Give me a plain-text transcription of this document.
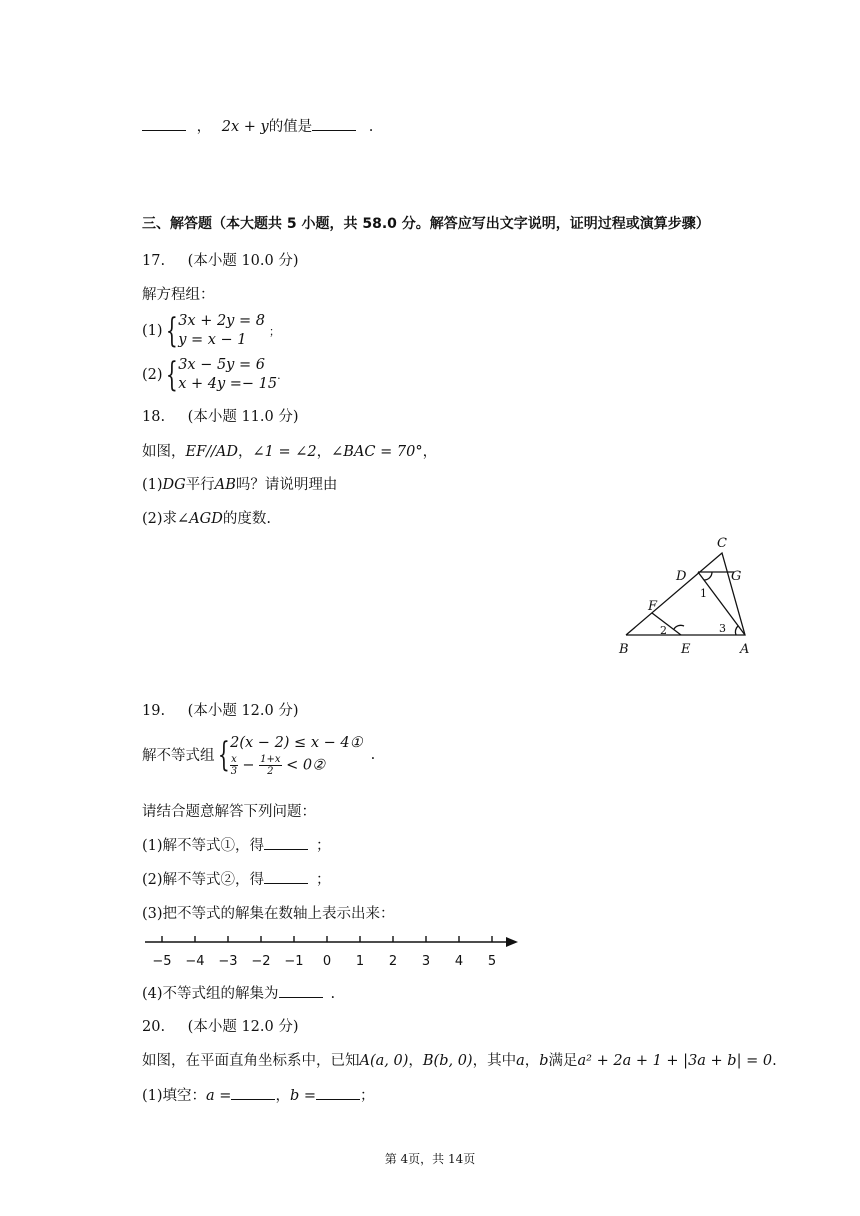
， 2x + y的值是	.
三、解答题（本大题共 5 小题，共 58.0 分。解答应写出文字说明，证明过程或演算步骤）
17. (本小题 10.0 分)
解方程组：
(1){3x + 2y = 8
y = x − 1；
(2){3x − 5y = 6
x + 4y =− 15.
18. (本小题 11.0 分)
如图，EF//AD，∠1 = ∠2，∠BAC = 70°，
(1)DG平行AB吗？请说明理由
(2)求∠AGD的度数.
C
D	G
F
B	E	A
1
2	3
19. (本小题 12.0 分)
解不等式组{2(x − 2) ≤ x − 4①

$\frac{x}{3} - \frac{1+x}{2}$ < 0②.
请结合题意解答下列问题：
(1)解不等式①，得	；
(2)解不等式②，得	；
(3)把不等式的解集在数轴上表示出来：
−5 −4 −3 −2 −1 0 1 2 3 4 5
(4)不等式组的解集为	.
20. (本小题 12.0 分)
如图，在平面直角坐标系中，已知A(a, 0)，B(b, 0)，其中a，b满足a² + 2a + 1 + |3a + b| = 0.
(1)填空：a =	，b =	；
第 4页，共 14页
